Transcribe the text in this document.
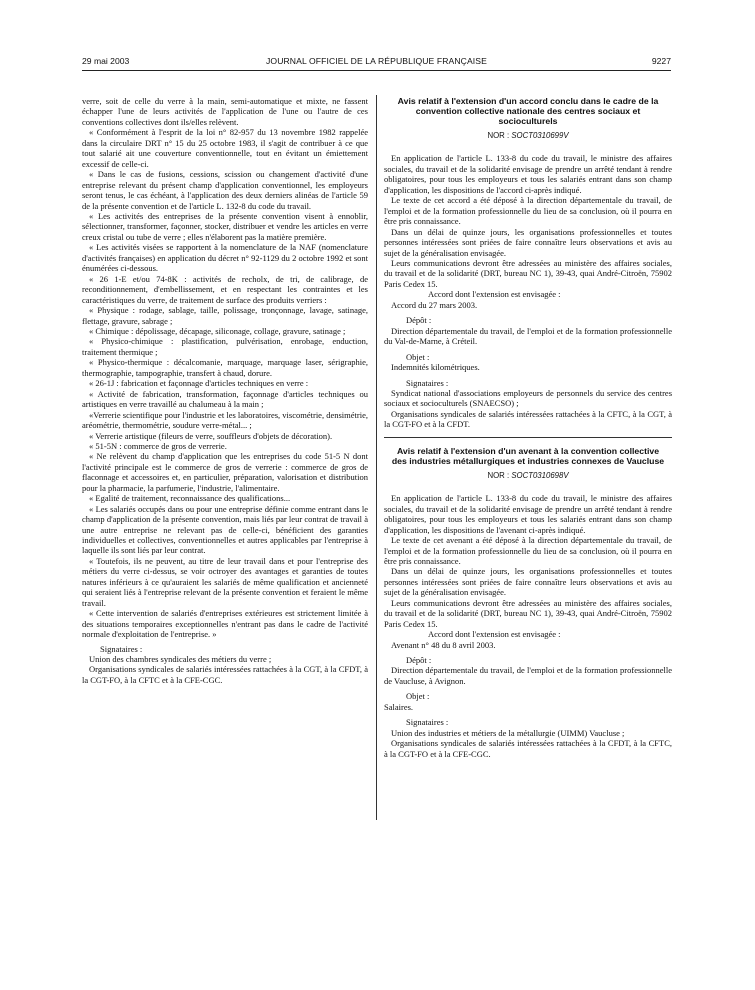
29 mai 2003	JOURNAL OFFICIEL DE LA RÉPUBLIQUE FRANÇAISE	9227

verre, soit de celle du verre à la main, semi-automatique et mixte, ne fassent échapper l'une de leurs activités de l'application de l'une ou l'autre de ces conventions collectives dont ils/elles relèvent.

« Conformément à l'esprit de la loi n° 82-957 du 13 novembre 1982 rappelée dans la circulaire DRT n° 15 du 25 octobre 1983, il s'agit de contribuer à ce que tout salarié ait une couverture conventionnelle, tout en évitant un émiettement excessif de celle-ci.

« Dans le cas de fusions, cessions, scission ou changement d'activité d'une entreprise relevant du présent champ d'application conventionnel, les employeurs seront tenus, le cas échéant, à l'application des deux derniers alinéas de l'article 59 de la présente convention et de l'article L. 132-8 du code du travail.

« Les activités des entreprises de la présente convention visent à ennoblir, sélectionner, transformer, façonner, stocker, distribuer et vendre les articles en verre creux cristal ou tube de verre ; elles n'élaborent pas la matière première.

« Les activités visées se rapportent à la nomenclature de la NAF (nomenclature d'activités françaises) en application du décret n° 92-1129 du 2 octobre 1992 et sont énumérées ci-dessous.

« 26 1-E et/ou 74-8K : activités de recholx, de tri, de calibrage, de reconditionnement, d'embellissement, et en respectant les contraintes et les caractéristiques du verre, de traitement de surface des produits verriers :

« Physique : rodage, sablage, taille, polissage, tronçonnage, lavage, satinage, flettage, gravure, sabrage ;

« Chimique : dépolissage, décapage, siliconage, collage, gravure, satinage ;

« Physico-chimique : plastification, pulvérisation, enrobage, enduction, traitement thermique ;

« Physico-thermique : décalcomanie, marquage, marquage laser, sérigraphie, thermographie, tampographie, transfert à chaud, dorure.

« 26-1J : fabrication et façonnage d'articles techniques en verre :

« Activité de fabrication, transformation, façonnage d'articles techniques ou artistiques en verre travaillé au chalumeau à la main ;

«Verrerie scientifique pour l'industrie et les laboratoires, viscométrie, densimétrie, aréométrie, thermométrie, soudure verre-métal... ;

« Verrerie artistique (fileurs de verre, souffleurs d'objets de décoration).

« 51-5N : commerce de gros de verrerie.

« Ne relèvent du champ d'application que les entreprises du code 51-5 N dont l'activité principale est le commerce de gros de verrerie : commerce de gros de flaconnage et accessoires et, en particulier, préparation, valorisation et distribution pour la pharmacie, la parfumerie, l'industrie, l'alimentaire.

« Egalité de traitement, reconnaissance des qualifications...

« Les salariés occupés dans ou pour une entreprise définie comme entrant dans le champ d'application de la présente convention, mais liés par leur contrat de travail à une autre entreprise ne relevant pas de celle-ci, bénéficient des garanties individuelles et collectives, conventionnelles et autres applicables par l'entreprise à laquelle ils sont liés par leur contrat.

« Toutefois, ils ne peuvent, au titre de leur travail dans et pour l'entreprise des métiers du verre ci-dessus, se voir octroyer des avantages et garanties de toutes natures inférieurs à ce qu'auraient les salariés de même qualification et ancienneté qui seraient liés à l'entreprise relevant de la présente convention et feraient le même travail.

« Cette intervention de salariés d'entreprises extérieures est strictement limitée à des situations temporaires exceptionnelles n'entrant pas dans le cadre de l'activité normale d'exploitation de l'entreprise. »

Signataires :

Union des chambres syndicales des métiers du verre ;

Organisations syndicales de salariés intéressées rattachées à la CGT, à la CFDT, à la CGT-FO, à la CFTC et à la CFE-CGC.

Avis relatif à l'extension d'un accord conclu dans le cadre de la convention collective nationale des centres sociaux et socioculturels
NOR : SOCT0310699V

En application de l'article L. 133-8 du code du travail, le ministre des affaires sociales, du travail et de la solidarité envisage de prendre un arrêté tendant à rendre obligatoires, pour tous les employeurs et tous les salariés entrant dans son champ d'application, les dispositions de l'accord ci-après indiqué.

Le texte de cet accord a été déposé à la direction départementale du travail, de l'emploi et de la formation professionnelle du lieu de sa conclusion, où il pourra en être pris connaissance.

Dans un délai de quinze jours, les organisations professionnelles et toutes personnes intéressées sont priées de faire connaître leurs observations et avis au sujet de la généralisation envisagée.

Leurs communications devront être adressées au ministère des affaires sociales, du travail et de la solidarité (DRT, bureau NC 1), 39-43, quai André-Citroën, 75902 Paris Cedex 15.

Accord dont l'extension est envisagée :

Accord du 27 mars 2003.

Dépôt :

Direction départementale du travail, de l'emploi et de la formation professionnelle du Val-de-Marne, à Créteil.

Objet :

Indemnités kilométriques.

Signataires :

Syndicat national d'associations employeurs de personnels du service des centres sociaux et socioculturels (SNAECSO) ;

Organisations syndicales de salariés intéressées rattachées à la CFTC, à la CGT, à la CGT-FO et à la CFDT.

Avis relatif à l'extension d'un avenant à la convention collective des industries métallurgiques et industries connexes de Vaucluse
NOR : SOCT0310698V

En application de l'article L. 133-8 du code du travail, le ministre des affaires sociales, du travail et de la solidarité envisage de prendre un arrêté tendant à rendre obligatoires, pour tous les employeurs et tous les salariés entrant dans son champ d'application, les dispositions de l'avenant ci-après indiqué.

Le texte de cet avenant a été déposé à la direction départementale du travail, de l'emploi et de la formation professionnelle du lieu de sa conclusion, où il pourra en être pris connaissance.

Dans un délai de quinze jours, les organisations professionnelles et toutes personnes intéressées sont priées de faire connaître leurs observations et avis au sujet de la généralisation envisagée.

Leurs communications devront être adressées au ministère des affaires sociales, du travail et de la solidarité (DRT, bureau NC 1), 39-43, quai André-Citroën, 75902 Paris Cedex 15.

Accord dont l'extension est envisagée :

Avenant n° 48 du 8 avril 2003.

Dépôt :

Direction départementale du travail, de l'emploi et de la formation professionnelle de Vaucluse, à Avignon.

Objet :

Salaires.

Signataires :

Union des industries et métiers de la métallurgie (UIMM) Vaucluse ;

Organisations syndicales de salariés intéressées rattachées à la CFDT, à la CFTC, à la CGT-FO et à la CFE-CGC.
